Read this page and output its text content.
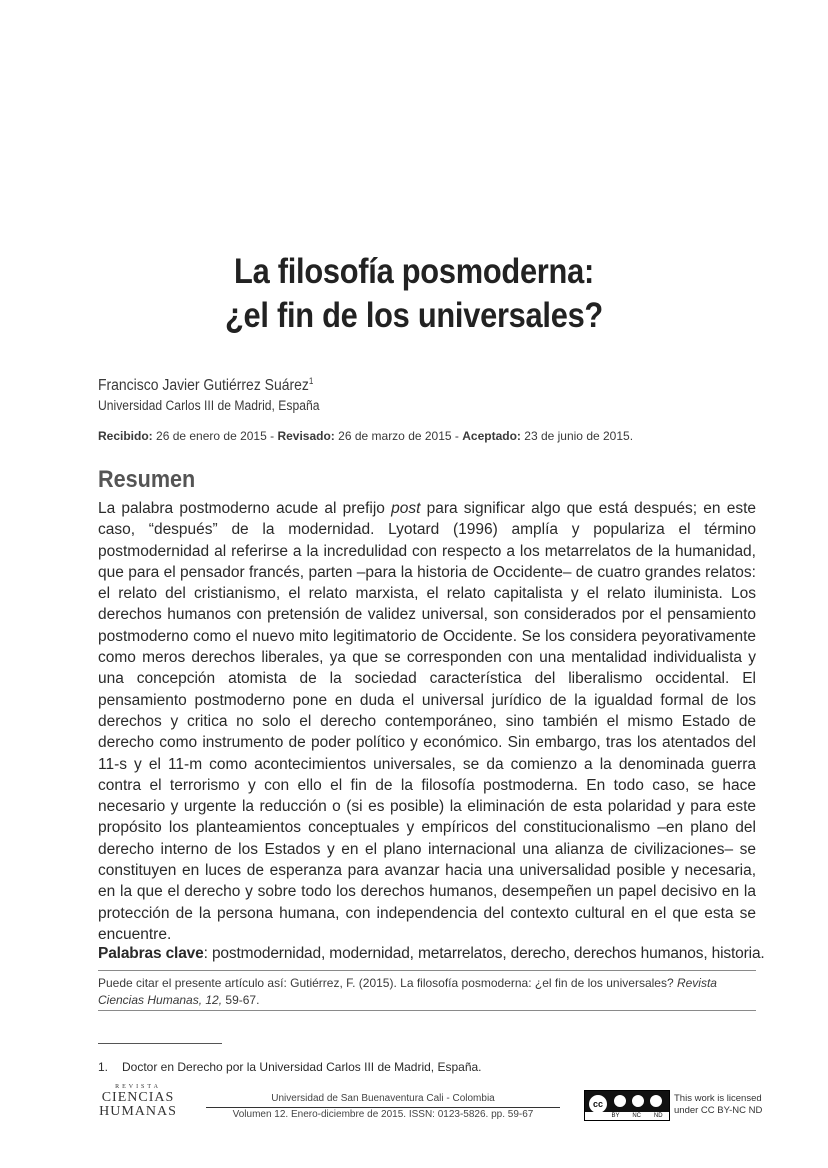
La filosofía posmoderna:
¿el fin de los universales?
Francisco Javier Gutiérrez Suárez$^1$
Universidad Carlos III de Madrid, España
Recibido: 26 de enero de 2015 - Revisado: 26 de marzo de 2015 - Aceptado: 23 de junio de 2015.
Resumen
La palabra postmoderno acude al prefijo post para significar algo que está después; en este caso, “después” de la modernidad. Lyotard (1996) amplía y populariza el término postmodernidad al referirse a la incredulidad con respecto a los metarrelatos de la humanidad, que para el pensador francés, parten –para la historia de Occidente– de cuatro grandes relatos: el relato del cristianismo, el relato marxista, el relato capitalista y el relato iluminista. Los derechos humanos con pretensión de validez universal, son considerados por el pensamiento postmoderno como el nuevo mito legitimatorio de Occidente. Se los considera peyorativamente como meros derechos liberales, ya que se corresponden con una mentalidad individualista y una concepción atomista de la sociedad característica del liberalismo occidental. El pensamiento postmoderno pone en duda el universal jurídico de la igualdad formal de los derechos y critica no solo el derecho contemporáneo, sino también el mismo Estado de derecho como instrumento de poder político y económico. Sin embargo, tras los atentados del 11-s y el 11-m como acontecimientos universales, se da comienzo a la denominada guerra contra el terrorismo y con ello el fin de la filosofía postmoderna. En todo caso, se hace necesario y urgente la reducción o (si es posible) la eliminación de esta polaridad y para este propósito los planteamientos conceptuales y empíricos del constitucionalismo –en plano del derecho interno de los Estados y en el plano internacional una alianza de civilizaciones– se constituyen en luces de esperanza para avanzar hacia una universalidad posible y necesaria, en la que el derecho y sobre todo los derechos humanos, desempeñen un papel decisivo en la protección de la persona humana, con independencia del contexto cultural en el que esta se encuentre.
Palabras clave: postmodernidad, modernidad, metarrelatos, derecho, derechos humanos, historia.
Puede citar el presente artículo así: Gutiérrez, F. (2015). La filosofía posmoderna: ¿el fin de los universales? Revista Ciencias Humanas, 12, 59-67.
1. Doctor en Derecho por la Universidad Carlos III de Madrid, España.
REVISTA
CIENCIAS
HUMANAS
Universidad de San Buenaventura Cali - Colombia
Volumen 12. Enero-diciembre de 2015. ISSN: 0123-5826. pp. 59-67
cc
BY NC ND
This work is licensed
under CC BY-NC ND
